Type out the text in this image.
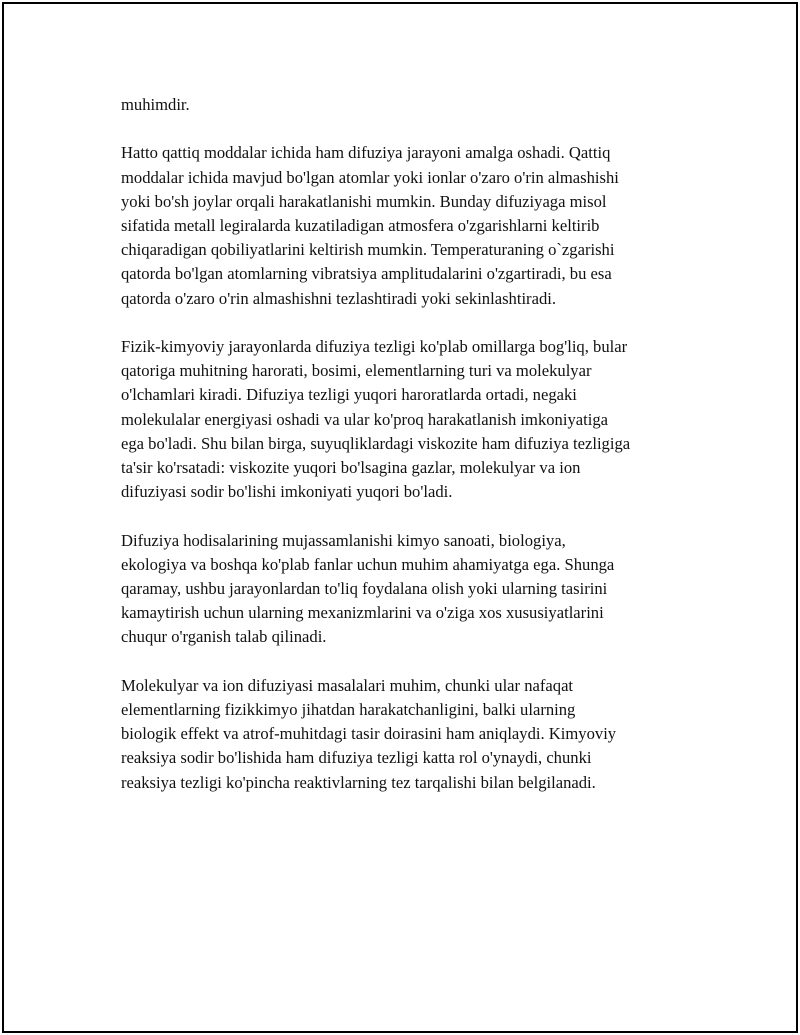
muhimdir.

Hatto qattiq moddalar ichida ham difuziya jarayoni amalga oshadi. Qattiq
moddalar ichida mavjud bo'lgan atomlar yoki ionlar o'zaro o'rin almashishi
yoki bo'sh joylar orqali harakatlanishi mumkin. Bunday difuziyaga misol
sifatida metall legiralarda kuzatiladigan atmosfera o'zgarishlarni keltirib
chiqaradigan qobiliyatlarini keltirish mumkin. Temperaturaning o`zgarishi
qatorda bo'lgan atomlarning vibratsiya amplitudalarini o'zgartiradi, bu esa
qatorda o'zaro o'rin almashishni tezlashtiradi yoki sekinlashtiradi.

Fizik-kimyoviy jarayonlarda difuziya tezligi ko'plab omillarga bog'liq, bular
qatoriga muhitning harorati, bosimi, elementlarning turi va molekulyar
o'lchamlari kiradi. Difuziya tezligi yuqori haroratlarda ortadi, negaki
molekulalar energiyasi oshadi va ular ko'proq harakatlanish imkoniyatiga
ega bo'ladi. Shu bilan birga, suyuqliklardagi viskozite ham difuziya tezligiga
ta'sir ko'rsatadi: viskozite yuqori bo'lsagina gazlar, molekulyar va ion
difuziyasi sodir bo'lishi imkoniyati yuqori bo'ladi.

Difuziya hodisalarining mujassamlanishi kimyo sanoati, biologiya,
ekologiya va boshqa ko'plab fanlar uchun muhim ahamiyatga ega. Shunga
qaramay, ushbu jarayonlardan to'liq foydalana olish yoki ularning tasirini
kamaytirish uchun ularning mexanizmlarini va o'ziga xos xususiyatlarini
chuqur o'rganish talab qilinadi.

Molekulyar va ion difuziyasi masalalari muhim, chunki ular nafaqat
elementlarning fizikkimyo jihatdan harakatchanligini, balki ularning
biologik effekt va atrof-muhitdagi tasir doirasini ham aniqlaydi. Kimyoviy
reaksiya sodir bo'lishida ham difuziya tezligi katta rol o'ynaydi, chunki
reaksiya tezligi ko'pincha reaktivlarning tez tarqalishi bilan belgilanadi.
